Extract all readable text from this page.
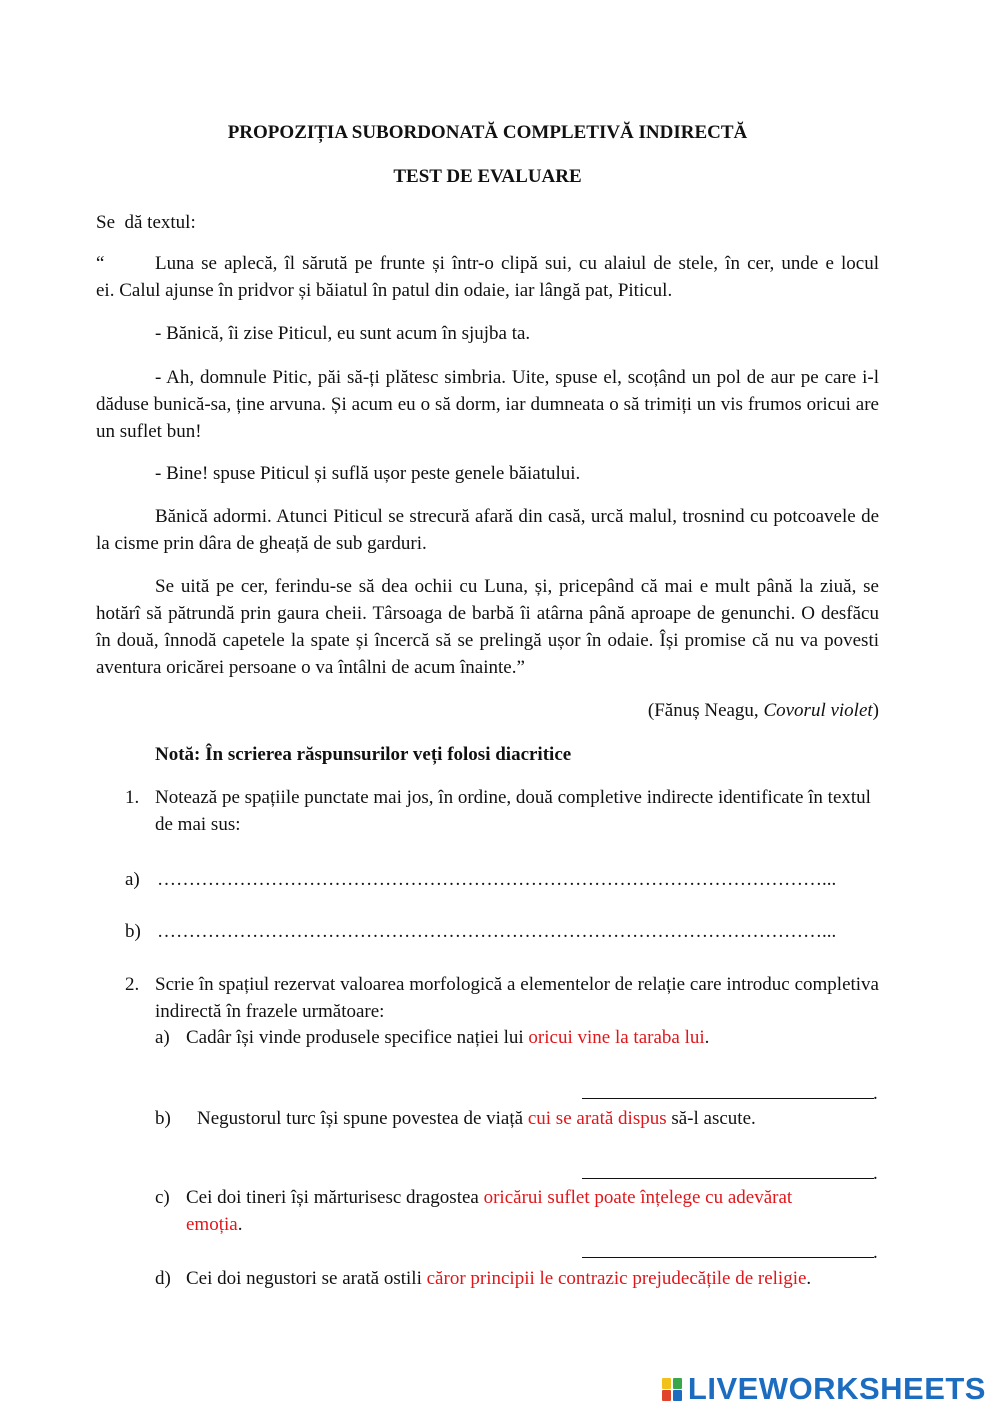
PROPOZIȚIA SUBORDONATĂ COMPLETIVĂ INDIRECTĂ
TEST DE EVALUARE
Se  dă textul:
“	Luna se aplecă, îl sărută pe frunte și într-o clipă sui, cu alaiul de stele, în cer, unde e locul
ei. Calul ajunse în pridvor și băiatul în patul din odaie, iar lângă pat, Piticul.
- Bănică, îi zise Piticul, eu sunt acum în sjujba ta.
- Ah, domnule Pitic, păi să-ți plătesc simbria. Uite, spuse el, scoțând un pol de aur pe care i-l dăduse bunică-sa, ține arvuna. Și acum eu o să dorm, iar dumneata o să trimiți un vis frumos oricui are un suflet bun!
- Bine! spuse Piticul și suflă ușor peste genele băiatului.
Bănică adormi. Atunci Piticul se strecură afară din casă, urcă malul, trosnind cu potcoavele de la cisme prin dâra de gheață de sub garduri.
Se uită pe cer, ferindu-se să dea ochii cu Luna, și, pricepând că mai e mult până la ziuă, se hotărî să pătrundă prin gaura cheii. Târsoaga de barbă îi atârna până aproape de genunchi. O desfăcu în două, înnodă capetele la spate și încercă să se prelingă ușor în odaie. Își promise că nu va povesti aventura oricărei persoane o va întâlni de acum înainte.”
(Fănuș Neagu, Covorul violet)
Notă: În scrierea răspunsurilor veți folosi diacritice
1. Notează pe spațiile punctate mai jos, în ordine, două completive indirecte identificate în textul de mai sus:
a) ……………………………………………………………………………………………...
b) ……………………………………………………………………………………………...
2. Scrie în spațiul rezervat valoarea morfologică a elementelor de relație care introduc completiva indirectă în frazele următoare:
a) Cadâr își vinde produsele specifice nației lui oricui vine la taraba lui.
.
b) Negustorul turc își spune povestea de viață cui se arată dispus să-l ascute.
.
c) Cei doi tineri își mărturisesc dragostea oricărui suflet poate înțelege cu adevărat
emoția.
.
d) Cei doi negustori se arată ostili căror principii le contrazic prejudecățile de religie.
LIVEWORKSHEETS
